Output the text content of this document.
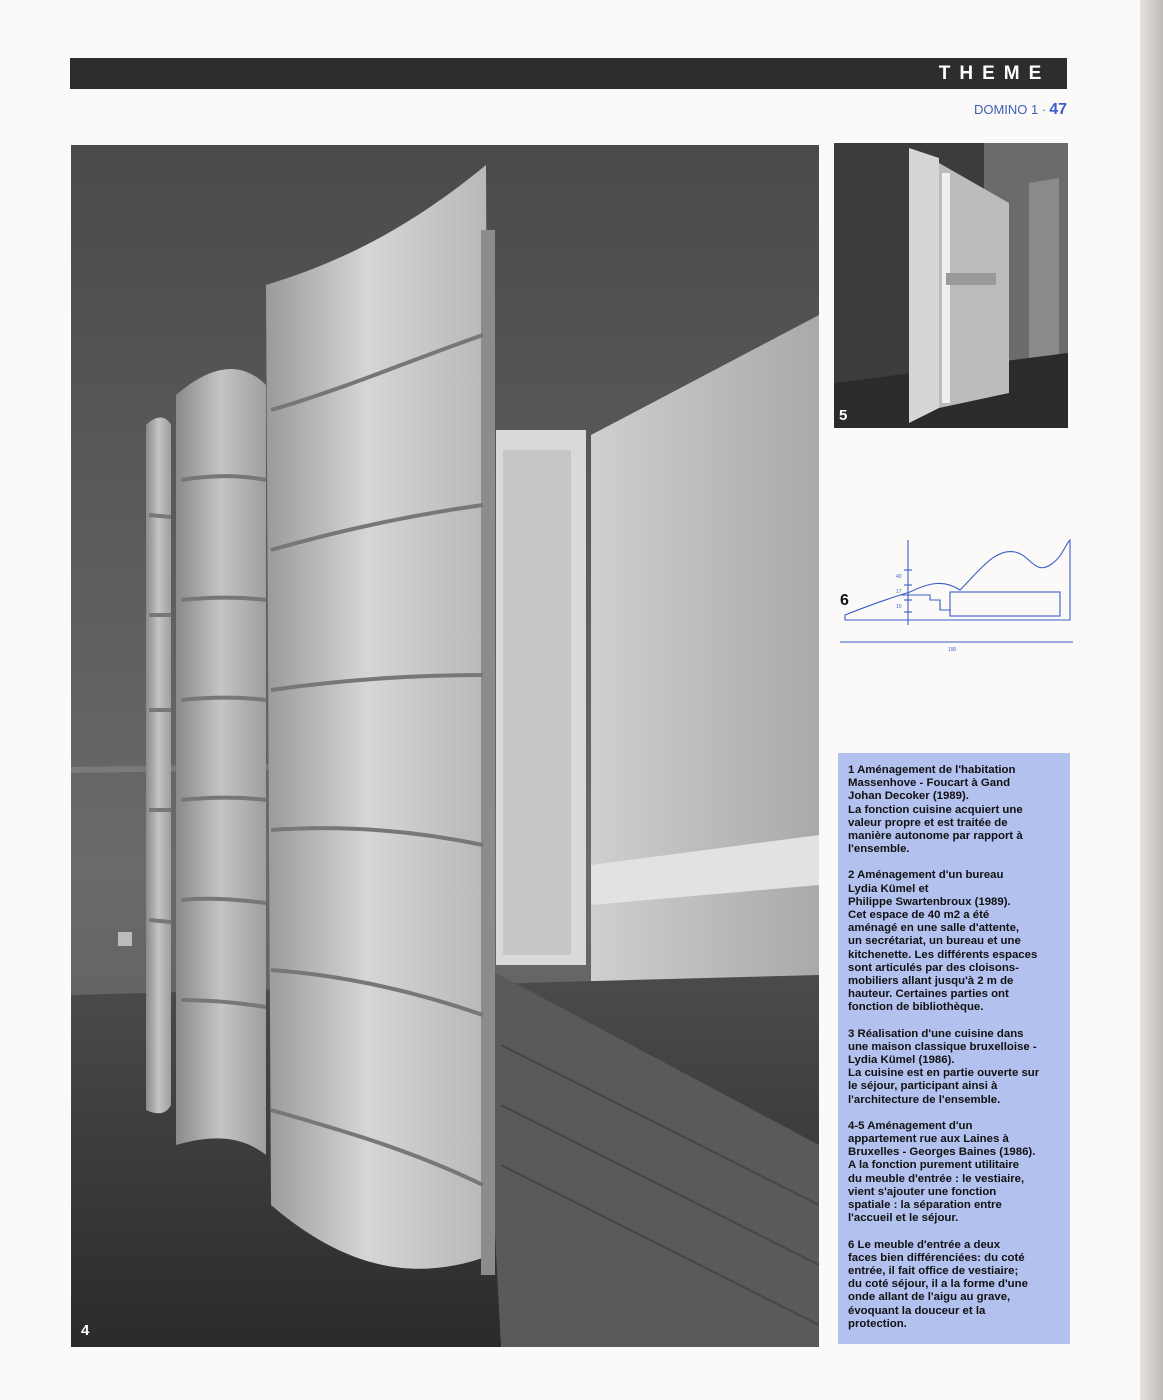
THEME
DOMINO 1 · 47
4
5
6
190
40
17
10

1 Aménagement de l'habitation
Massenhove - Foucart à Gand
Johan Decoker (1989).
La fonction cuisine acquiert une
valeur propre et est traitée de
manière autonome par rapport à
l'ensemble.

2 Aménagement d'un bureau
Lydia Kümel et
Philippe Swartenbroux (1989).
Cet espace de 40 m2 a été
aménagé en une salle d'attente,
un secrétariat, un bureau et une
kitchenette. Les différents espaces
sont articulés par des cloisons-
mobiliers allant jusqu'à 2 m de
hauteur. Certaines parties ont
fonction de bibliothèque.

3 Réalisation d'une cuisine dans
une maison classique bruxelloise -
Lydia Kümel (1986).
La cuisine est en partie ouverte sur
le séjour, participant ainsi à
l'architecture de l'ensemble.

4-5 Aménagement d'un
appartement rue aux Laines à
Bruxelles - Georges Baines (1986).
A la fonction purement utilitaire
du meuble d'entrée : le vestiaire,
vient s'ajouter une fonction
spatiale : la séparation entre
l'accueil et le séjour.

6 Le meuble d'entrée a deux
faces bien différenciées: du coté
entrée, il fait office de vestiaire;
du coté séjour, il a la forme d'une
onde allant de l'aigu au grave,
évoquant la douceur et la
protection.
